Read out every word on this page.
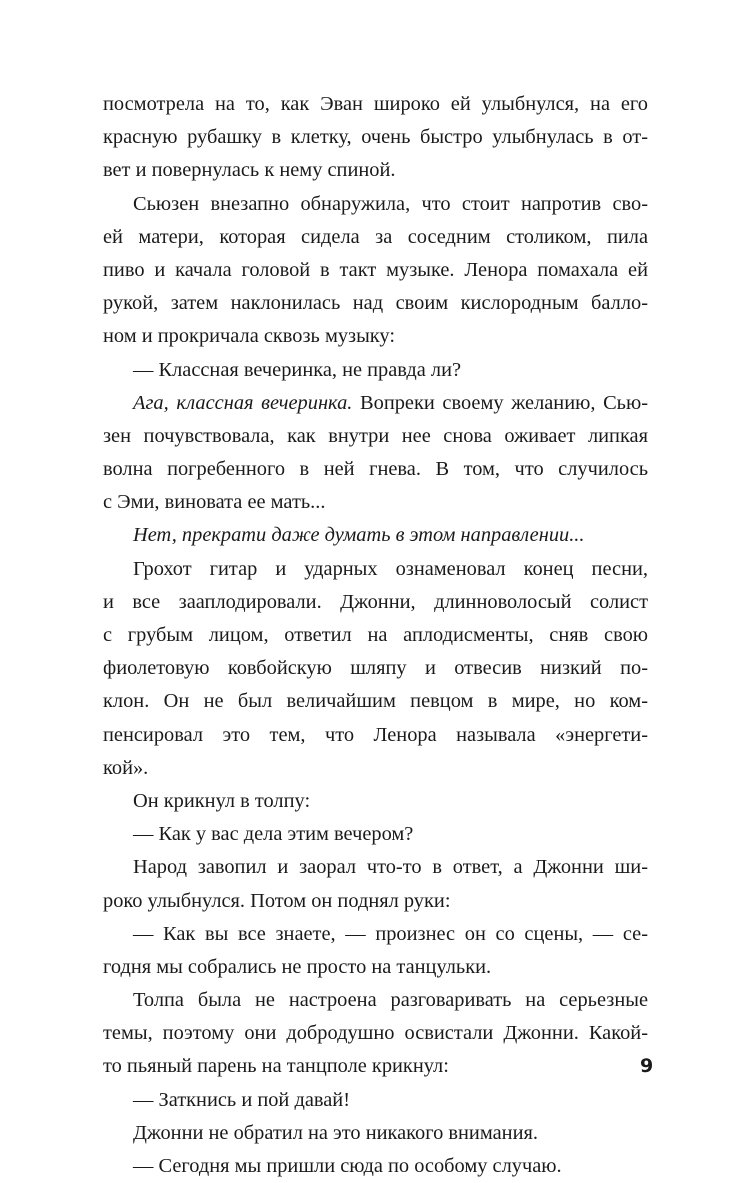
посмотрела на то, как Эван широко ей улыбнулся, на его
красную рубашку в клетку, очень быстро улыбнулась в от-
вет и повернулась к нему спиной.
Сьюзен внезапно обнаружила, что стоит напротив сво-
ей матери, которая сидела за соседним столиком, пила
пиво и качала головой в такт музыке. Ленора помахала ей
рукой, затем наклонилась над своим кислородным балло-
ном и прокричала сквозь музыку:
— Классная вечеринка, не правда ли?
Ага, классная вечеринка. Вопреки своему желанию, Сью-
зен почувствовала, как внутри нее снова оживает липкая
волна погребенного в ней гнева. В том, что случилось
с Эми, виновата ее мать...
Нет, прекрати даже думать в этом направлении...
Грохот гитар и ударных ознаменовал конец песни,
и все зааплодировали. Джонни, длинноволосый солист
с грубым лицом, ответил на аплодисменты, сняв свою
фиолетовую ковбойскую шляпу и отвесив низкий по-
клон. Он не был величайшим певцом в мире, но ком-
пенсировал это тем, что Ленора называла «энергети-
кой».
Он крикнул в толпу:
— Как у вас дела этим вечером?
Народ завопил и заорал что-то в ответ, а Джонни ши-
роко улыбнулся. Потом он поднял руки:
— Как вы все знаете, — произнес он со сцены, — се-
годня мы собрались не просто на танцульки.
Толпа была не настроена разговаривать на серьезные
темы, поэтому они добродушно освистали Джонни. Какой-
то пьяный парень на танцполе крикнул:
— Заткнись и пой давай!
Джонни не обратил на это никакого внимания.
— Сегодня мы пришли сюда по особому случаю.
9
